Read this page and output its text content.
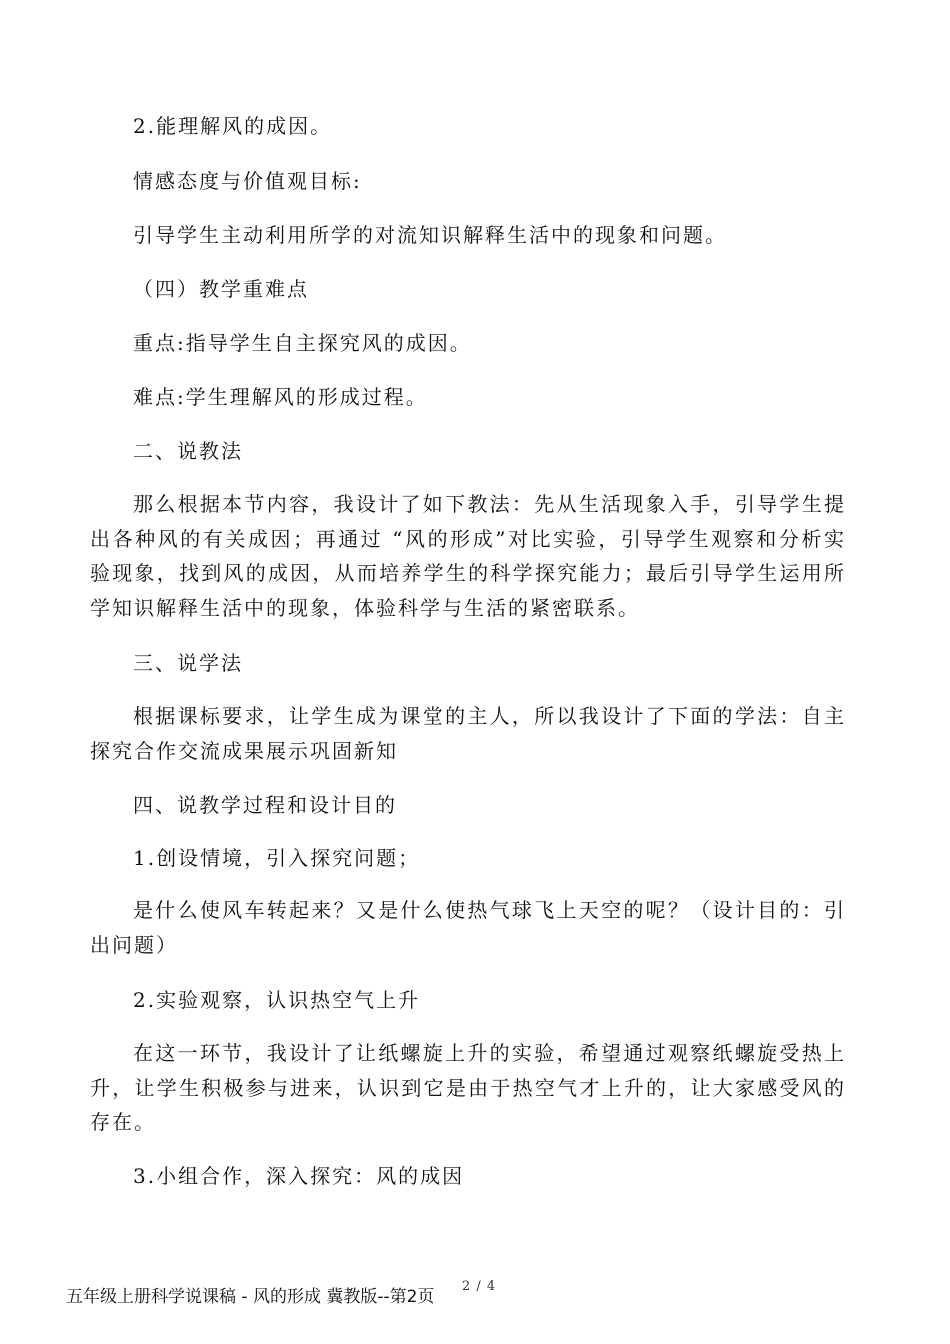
2.能理解风的成因。
情感态度与价值观目标:
引导学生主动利用所学的对流知识解释生活中的现象和问题。
（四）教学重难点
重点:指导学生自主探究风的成因。
难点:学生理解风的形成过程。
二、说教法
那么根据本节内容，我设计了如下教法：先从生活现象入手，引导学生提出各种风的有关成因；再通过 “风的形成”对比实验，引导学生观察和分析实验现象，找到风的成因，从而培养学生的科学探究能力；最后引导学生运用所学知识解释生活中的现象，体验科学与生活的紧密联系。
三、说学法
根据课标要求，让学生成为课堂的主人，所以我设计了下面的学法：自主探究合作交流成果展示巩固新知
四、说教学过程和设计目的
1.创设情境，引入探究问题；
是什么使风车转起来？又是什么使热气球飞上天空的呢？（设计目的：引出问题）
2.实验观察，认识热空气上升
在这一环节，我设计了让纸螺旋上升的实验，希望通过观察纸螺旋受热上升，让学生积极参与进来，认识到它是由于热空气才上升的，让大家感受风的存在。
3.小组合作，深入探究：风的成因
五年级上册科学说课稿 - 风的形成 冀教版--第2页
2 / 4
